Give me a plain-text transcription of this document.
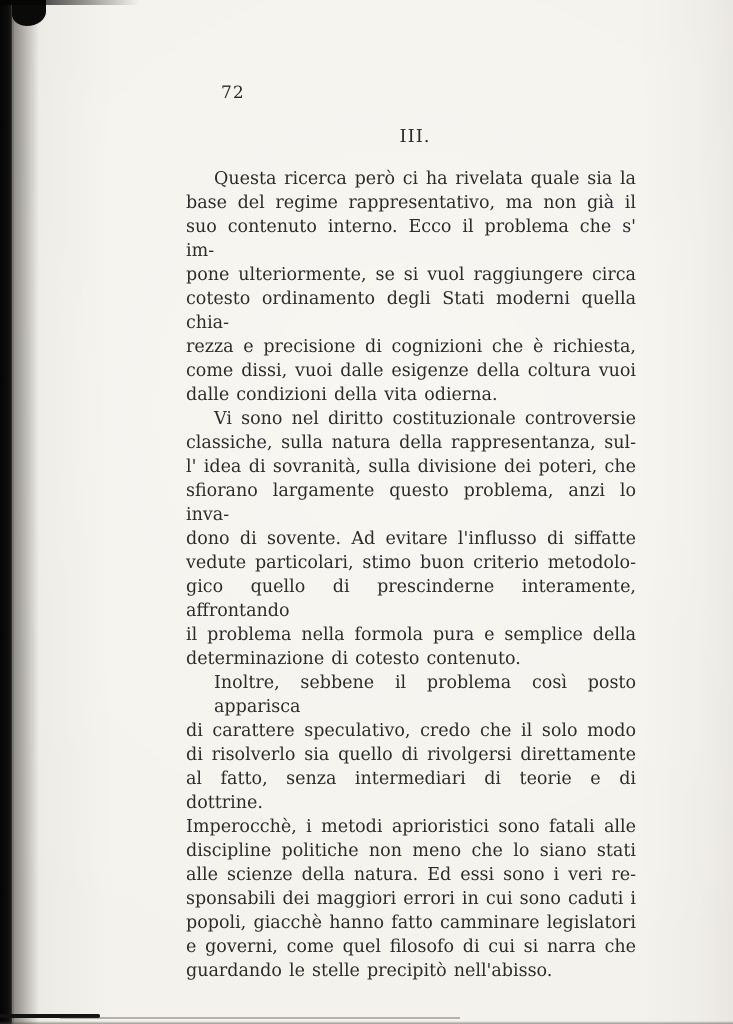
72
III.
Questa ricerca però ci ha rivelata quale sia la
base del regime rappresentativo, ma non già il
suo contenuto interno. Ecco il problema che s' im-
pone ulteriormente, se si vuol raggiungere circa
cotesto ordinamento degli Stati moderni quella chia-
rezza e precisione di cognizioni che è richiesta,
come dissi, vuoi dalle esigenze della coltura vuoi
dalle condizioni della vita odierna.
Vi sono nel diritto costituzionale controversie
classiche, sulla natura della rappresentanza, sul-
l' idea di sovranità, sulla divisione dei poteri, che
sfiorano largamente questo problema, anzi lo inva-
dono di sovente. Ad evitare l'influsso di siffatte
vedute particolari, stimo buon criterio metodolo-
gico quello di prescinderne interamente, affrontando
il problema nella formola pura e semplice della
determinazione di cotesto contenuto.
Inoltre, sebbene il problema così posto apparisca
di carattere speculativo, credo che il solo modo
di risolverlo sia quello di rivolgersi direttamente
al fatto, senza intermediari di teorie e di dottrine.
Imperocchè, i metodi aprioristici sono fatali alle
discipline politiche non meno che lo siano stati
alle scienze della natura. Ed essi sono i veri re-
sponsabili dei maggiori errori in cui sono caduti i
popoli, giacchè hanno fatto camminare legislatori
e governi, come quel filosofo di cui si narra che
guardando le stelle precipitò nell'abisso.
